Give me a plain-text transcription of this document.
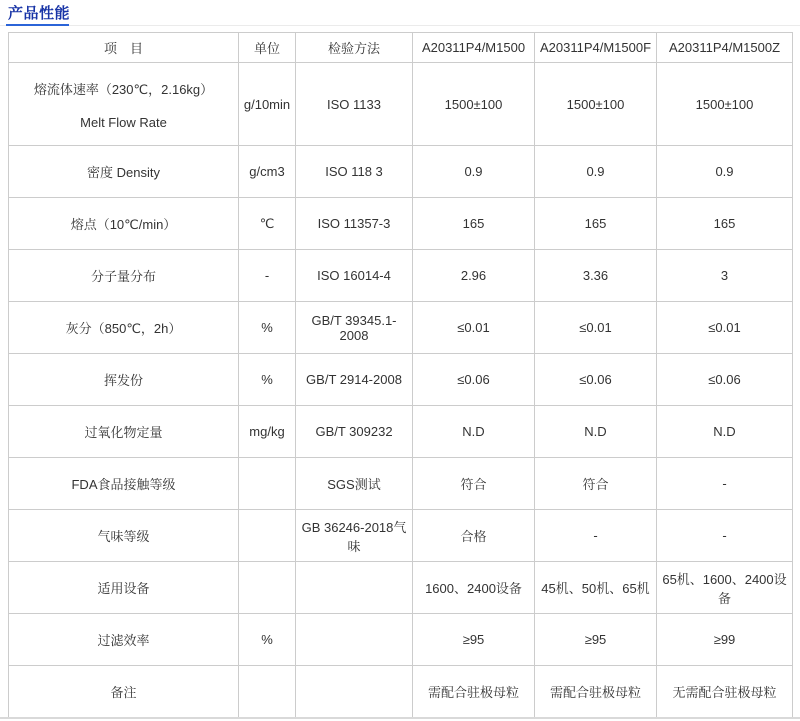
产品性能
项　目	单位	检验方法	A20311P4/M1500	A20311P4/M1500F	A20311P4/M1500Z

熔流体速率（230℃，2.16kg）
Melt Flow Rate	g/10min	ISO 1133	1500±100	1500±100	1500±100
密度 Density	g/cm3	ISO 118 3	0.9	0.9	0.9
熔点（10℃/min）	℃	ISO 11357-3	165	165	165
分子量分布	-	ISO 16014-4	2.96	3.36	3
灰分（850℃，2h）	%	GB/T 39345.1-2008	≤0.01	≤0.01	≤0.01
挥发份	%	GB/T 2914-2008	≤0.06	≤0.06	≤0.06
过氧化物定量	mg/kg	GB/T 309232	N.D	N.D	N.D
FDA食品接触等级		SGS测试	符合	符合	-
气味等级		GB 36246-2018气味	合格	-	-
适用设备			1600、2400设备	45机、50机、65机	65机、1600、2400设备
过滤效率	%		≥95	≥95	≥99
备注			需配合驻极母粒	需配合驻极母粒	无需配合驻极母粒
